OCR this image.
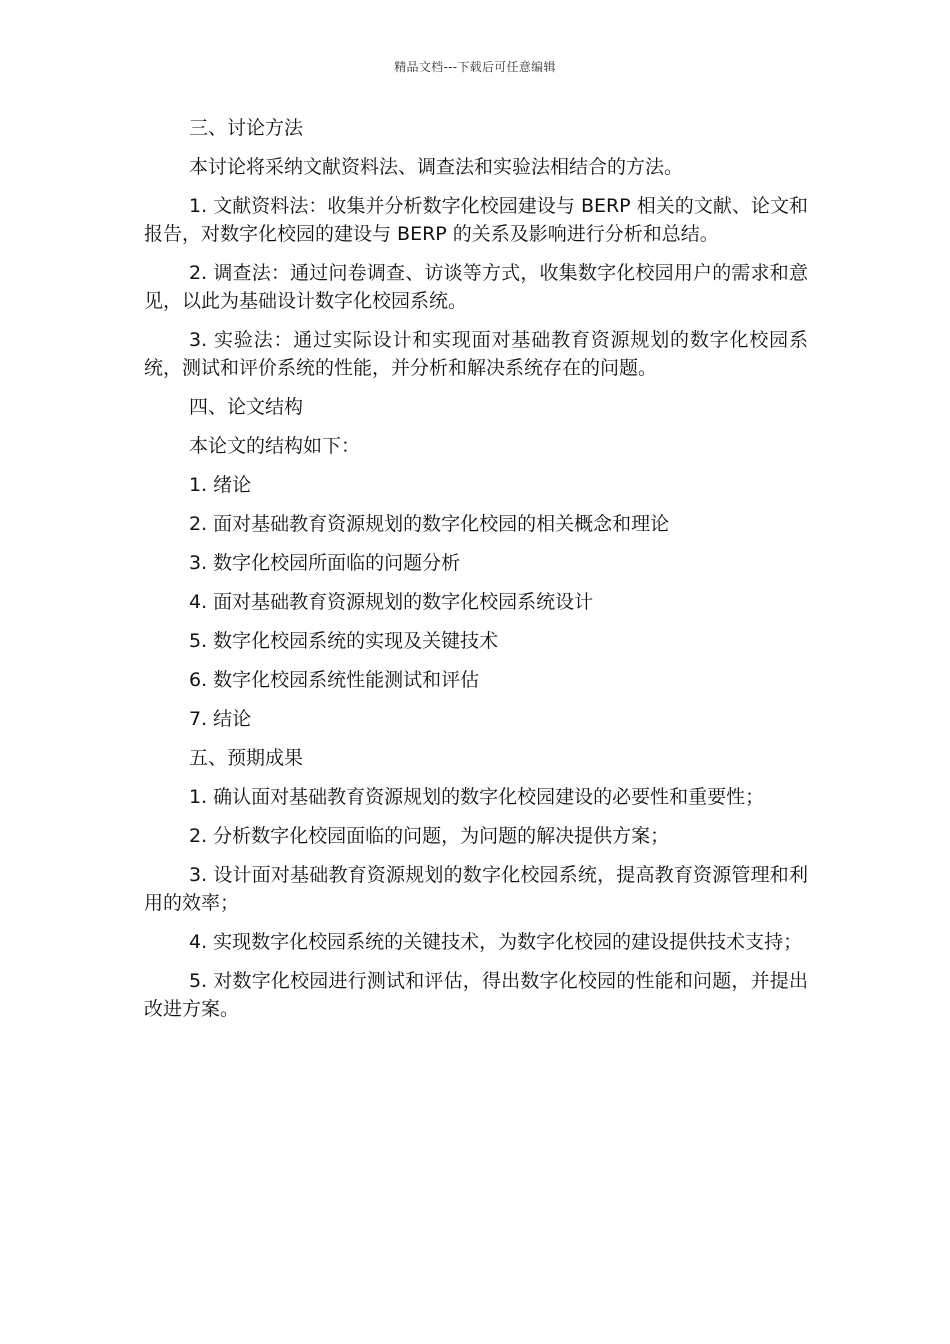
精品文档---下载后可任意编辑

三、讨论方法

本讨论将采纳文献资料法、调查法和实验法相结合的方法。

1. 文献资料法：收集并分析数字化校园建设与 BERP 相关的文献、论文和报告，对数字化校园的建设与 BERP 的关系及影响进行分析和总结。

2. 调查法：通过问卷调查、访谈等方式，收集数字化校园用户的需求和意见，以此为基础设计数字化校园系统。

3. 实验法：通过实际设计和实现面对基础教育资源规划的数字化校园系统，测试和评价系统的性能，并分析和解决系统存在的问题。

四、论文结构

本论文的结构如下：

1. 绪论

2. 面对基础教育资源规划的数字化校园的相关概念和理论

3. 数字化校园所面临的问题分析

4. 面对基础教育资源规划的数字化校园系统设计

5. 数字化校园系统的实现及关键技术

6. 数字化校园系统性能测试和评估

7. 结论

五、预期成果

1. 确认面对基础教育资源规划的数字化校园建设的必要性和重要性；

2. 分析数字化校园面临的问题，为问题的解决提供方案；

3. 设计面对基础教育资源规划的数字化校园系统，提高教育资源管理和利用的效率；

4. 实现数字化校园系统的关键技术，为数字化校园的建设提供技术支持；

5. 对数字化校园进行测试和评估，得出数字化校园的性能和问题，并提出改进方案。
